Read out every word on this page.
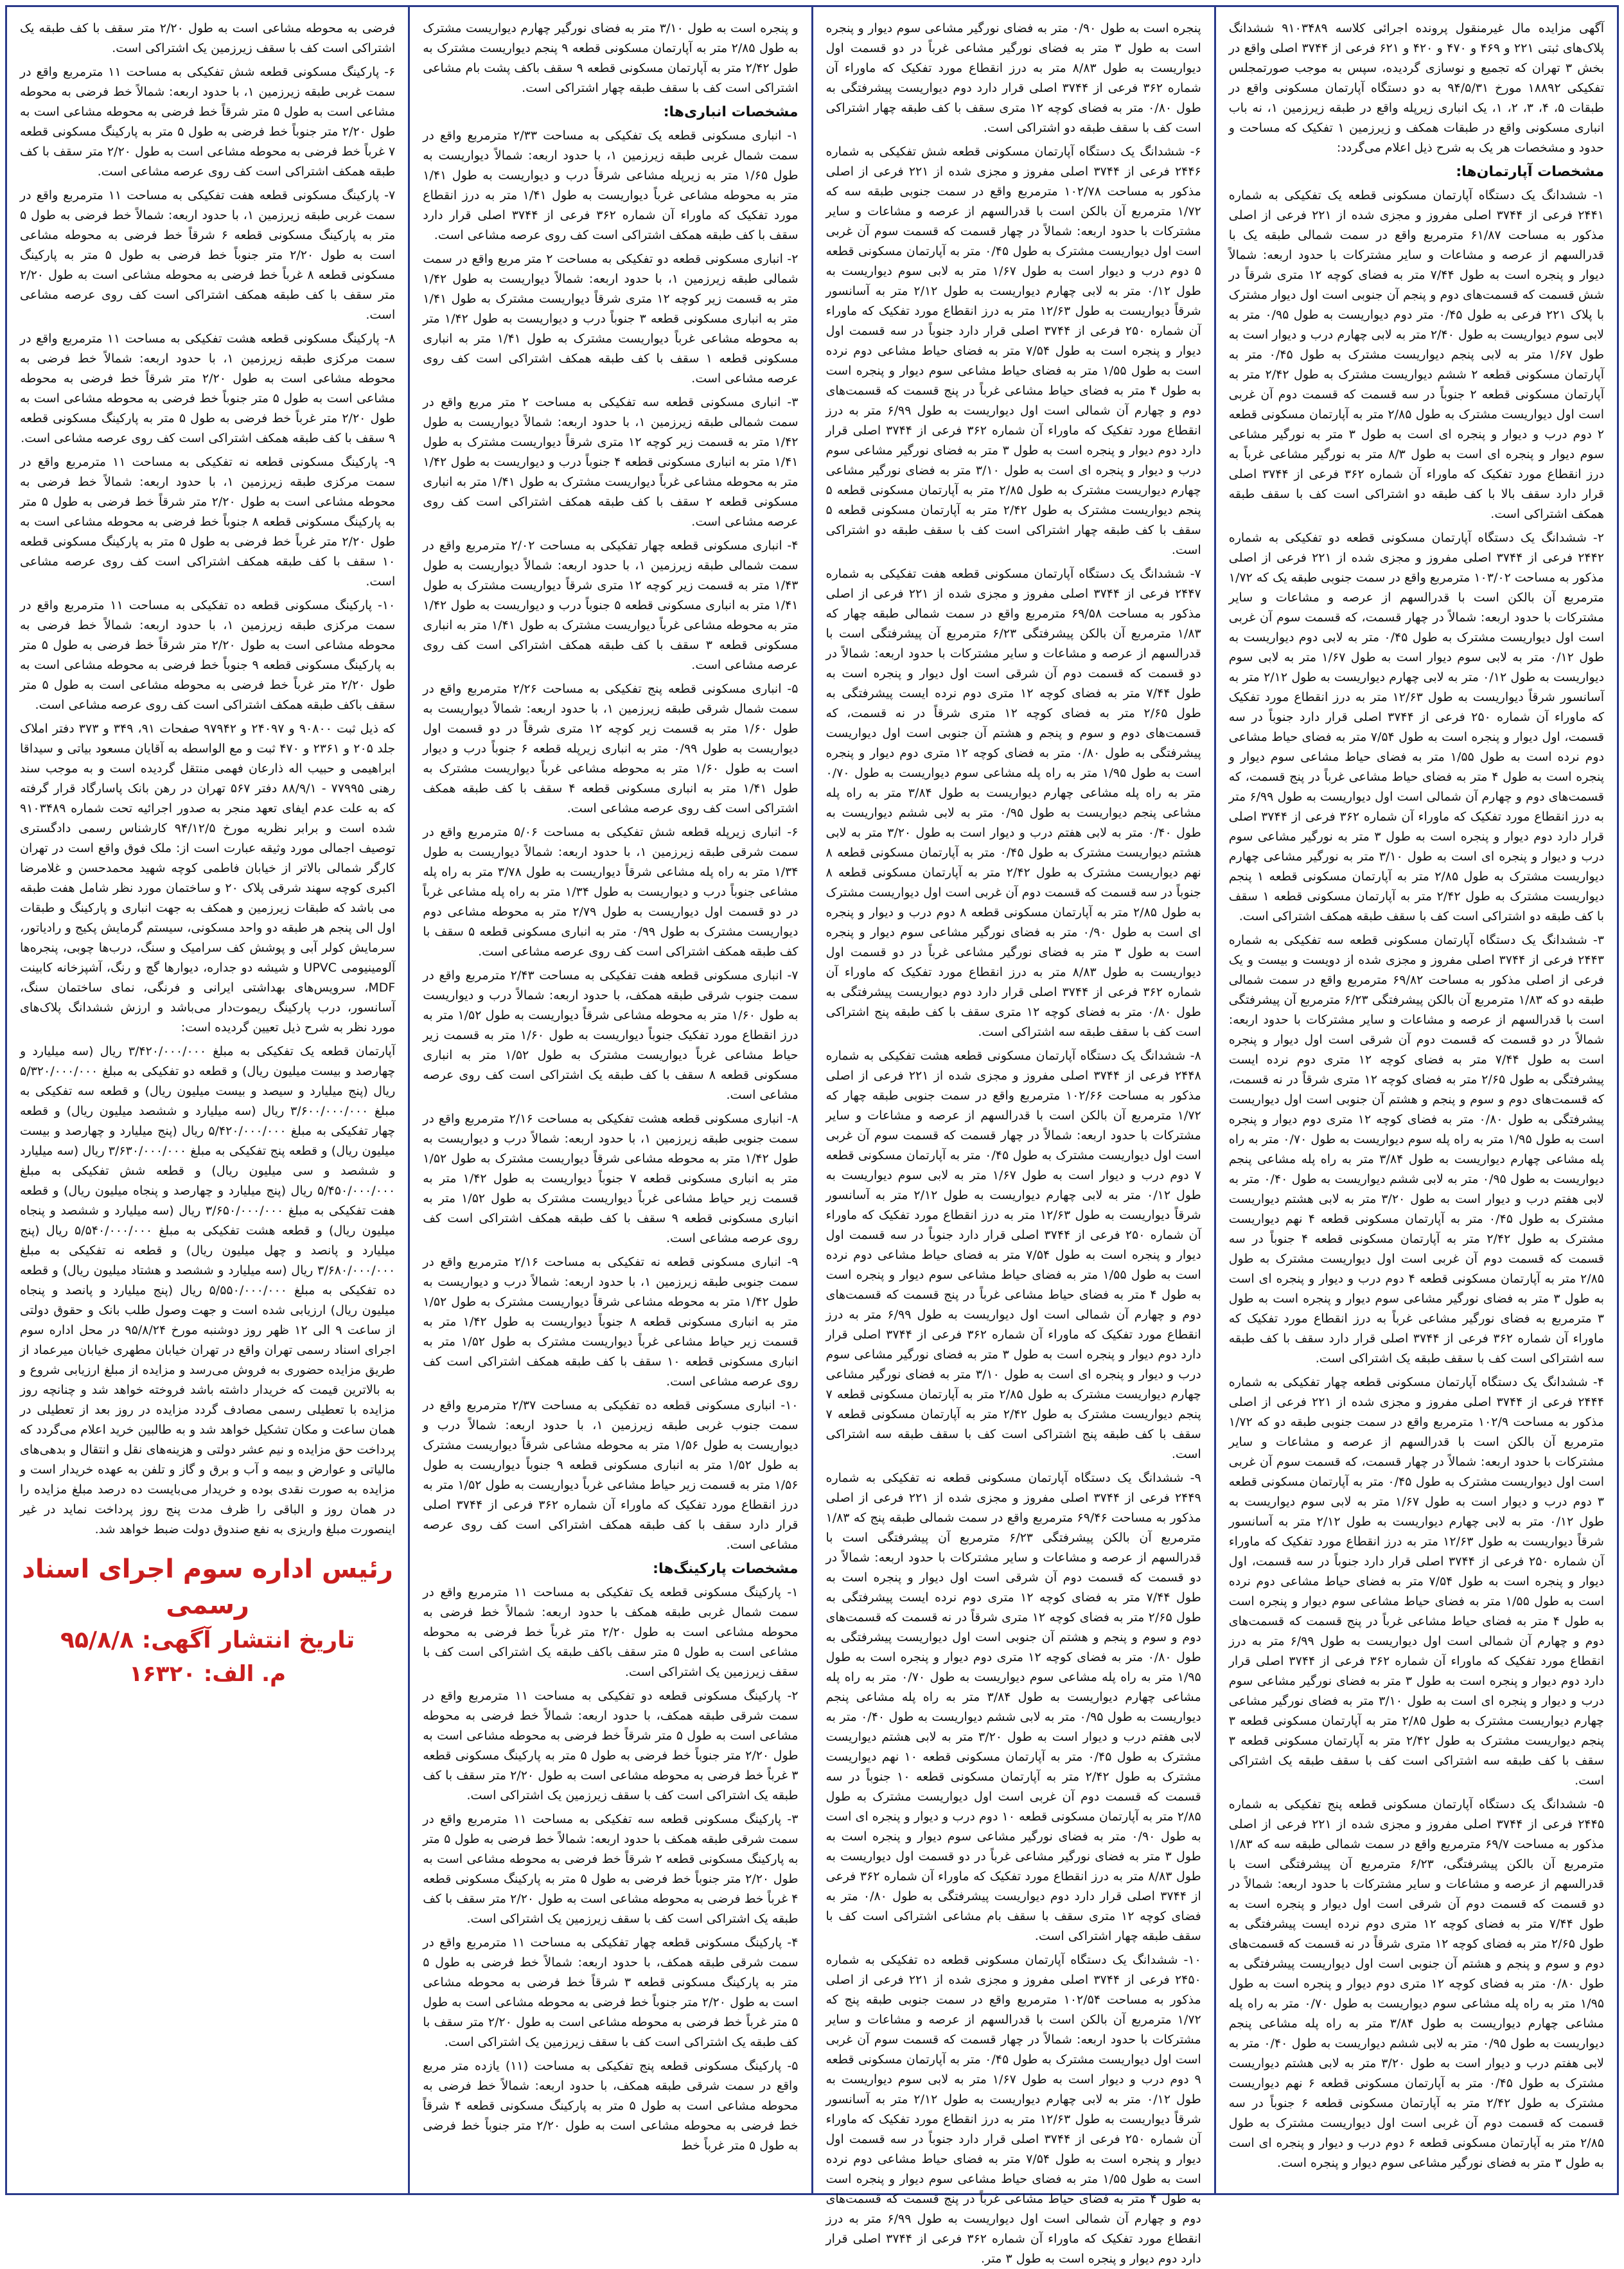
آگهی مزایده مال غیرمنقول پرونده اجرائی کلاسه ۹۱۰۳۴۸۹ ششدانگ پلاک‌های ثبتی ۲۲۱ و ۴۶۹ و ۴۷۰ و ۴۲۰ و ۶۲۱ فرعی از ۳۷۴۴ اصلی واقع در بخش ۳ تهران که تجمیع و نوسازی گردیده، سپس به موجب صورتمجلس تفکیکی ۱۸۸۹۲ مورخ ۹۴/۵/۳۱ به دو دستگاه آپارتمان مسکونی واقع در طبقات ۵، ۴، ۳، ۲، ۱، یک انباری زیرپله واقع در طبقه زیرزمین ۱، نه باب انباری مسکونی واقع در طبقات همکف و زیرزمین ۱ تفکیک که مساحت و حدود و مشخصات هر یک به شرح ذیل اعلام می‌گردد:

مشخصات آپارتمان‌ها:

۱- ششدانگ یک دستگاه آپارتمان مسکونی قطعه یک تفکیکی به شماره ۲۴۴۱ فرعی از ۳۷۴۴ اصلی مفروز و مجزی شده از ۲۲۱ فرعی از اصلی مذکور به مساحت ۶۱/۸۷ مترمربع واقع در سمت شمالی طبقه یک با قدرالسهم از عرصه و مشاعات و سایر مشترکات با حدود اربعه: شمالاً دیوار و پنجره است به طول ۷/۴۴ متر به فضای کوچه ۱۲ متری شرقاً در شش قسمت که قسمت‌های دوم و پنجم آن جنوبی است اول دیوار مشترک با پلاک ۲۲۱ فرعی به طول ۰/۴۵ متر دوم دیواریست به طول ۰/۹۵ متر به لابی سوم دیواریست به طول ۲/۴۰ متر به لابی چهارم درب و دیوار است به طول ۱/۶۷ متر به لابی پنجم دیواریست مشترک به طول ۰/۴۵ متر به آپارتمان مسکونی قطعه ۲ ششم دیواریست مشترک به طول ۲/۴۲ متر به آپارتمان مسکونی قطعه ۲ جنوباً در سه قسمت که قسمت دوم آن غربی است اول دیواریست مشترک به طول ۲/۸۵ متر به آپارتمان مسکونی قطعه ۲ دوم درب و دیوار و پنجره ای است به طول ۳ متر به نورگیر مشاعی سوم دیوار و پنجره ای است به طول ۸/۳ متر به نورگیر مشاعی غرباً به درز انقطاع مورد تفکیک که ماوراء آن شماره ۳۶۲ فرعی از ۳۷۴۴ اصلی قرار دارد سقف بالا با کف طبقه دو اشتراکی است کف با سقف طبقه همکف اشتراکی است.

۲- ششدانگ یک دستگاه آپارتمان مسکونی قطعه دو تفکیکی به شماره ۲۴۴۲ فرعی از ۳۷۴۴ اصلی مفروز و مجزی شده از ۲۲۱ فرعی از اصلی مذکور به مساحت ۱۰۳/۰۲ مترمربع واقع در سمت جنوبی طبقه یک که ۱/۷۲ مترمربع آن بالکن است با قدرالسهم از عرصه و مشاعات و سایر مشترکات با حدود اربعه: شمالاً در چهار قسمت، که قسمت سوم آن غربی است اول دیواریست مشترک به طول ۰/۴۵ متر به لابی دوم دیواریست به طول ۰/۱۲ متر به لابی سوم دیوار است به طول ۱/۶۷ متر به لابی سوم دیواریست به طول ۰/۱۲ متر به لابی چهارم دیواریست به طول ۲/۱۲ متر به آسانسور شرقاً دیواریست به طول ۱۲/۶۳ متر به درز انقطاع مورد تفکیک که ماوراء آن شماره ۲۵۰ فرعی از ۳۷۴۴ اصلی قرار دارد جنوباً در سه قسمت، اول دیوار و پنجره است به طول ۷/۵۴ متر به فضای حیاط مشاعی دوم نرده است به طول ۱/۵۵ متر به فضای حیاط مشاعی سوم دیوار و پنجره است به طول ۴ متر به فضای حیاط مشاعی غرباً در پنج قسمت، که قسمت‌های دوم و چهارم آن شمالی است اول دیواریست به طول ۶/۹۹ متر به درز انقطاع مورد تفکیک که ماوراء آن شماره ۳۶۲ فرعی از ۳۷۴۴ اصلی قرار دارد دوم دیوار و پنجره است به طول ۳ متر به نورگیر مشاعی سوم درب و دیوار و پنجره ای است به طول ۳/۱۰ متر به نورگیر مشاعی چهارم دیواریست مشترک به طول ۲/۸۵ متر به آپارتمان مسکونی قطعه ۱ پنجم دیواریست مشترک به طول ۲/۴۲ متر به آپارتمان مسکونی قطعه ۱ سقف با کف طبقه دو اشتراکی است کف با سقف طبقه همکف اشتراکی است.

۳- ششدانگ یک دستگاه آپارتمان مسکونی قطعه سه تفکیکی به شماره ۲۴۴۳ فرعی از ۳۷۴۴ اصلی مفروز و مجزی شده از دویست و بیست و یک فرعی از اصلی مذکور به مساحت ۶۹/۸۲ مترمربع واقع در سمت شمالی طبقه دو که ۱/۸۳ مترمربع آن بالکن پیشرفتگی ۶/۲۳ مترمربع آن پیشرفتگی است با قدرالسهم از عرصه و مشاعات و سایر مشترکات با حدود اربعه: شمالاً در دو قسمت که قسمت دوم آن شرقی است اول دیوار و پنجره است به طول ۷/۴۴ متر به فضای کوچه ۱۲ متری دوم نرده ایست پیشرفتگی به طول ۲/۶۵ متر به فضای کوچه ۱۲ متری شرقاً در نه قسمت، که قسمت‌های دوم و سوم و پنجم و هشتم آن جنوبی است اول دیواریست پیشرفتگی به طول ۰/۸۰ متر به فضای کوچه ۱۲ متری دوم دیوار و پنجره است به طول ۱/۹۵ متر به راه پله سوم دیواریست به طول ۰/۷۰ متر به راه پله مشاعی چهارم دیواریست به طول ۳/۸۴ متر به راه پله مشاعی پنجم دیواریست به طول ۰/۹۵ متر به لابی ششم دیواریست به طول ۰/۴۰ متر به لابی هفتم درب و دیوار است به طول ۳/۲۰ متر به لابی هشتم دیواریست مشترک به طول ۰/۴۵ متر به آپارتمان مسکونی قطعه ۴ نهم دیواریست مشترک به طول ۲/۴۲ متر به آپارتمان مسکونی قطعه ۴ جنوباً در سه قسمت که قسمت دوم آن غربی است اول دیواریست مشترک به طول ۲/۸۵ متر به آپارتمان مسکونی قطعه ۴ دوم درب و دیوار و پنجره ای است به طول ۳ متر به فضای نورگیر مشاعی سوم دیوار و پنجره است به طول ۳ مترمربع به فضای نورگیر مشاعی غرباً به درز انقطاع مورد تفکیک که ماوراء آن شماره ۳۶۲ فرعی از ۳۷۴۴ اصلی قرار دارد سقف با کف طبقه سه اشتراکی است کف با سقف طبقه یک اشتراکی است.

۴- ششدانگ یک دستگاه آپارتمان مسکونی قطعه چهار تفکیکی به شماره ۲۴۴۴ فرعی از ۳۷۴۴ اصلی مفروز و مجزی شده از ۲۲۱ فرعی از اصلی مذکور به مساحت ۱۰۲/۹ مترمربع واقع در سمت جنوبی طبقه دو که ۱/۷۲ مترمربع آن بالکن است با قدرالسهم از عرصه و مشاعات و سایر مشترکات با حدود اربعه: شمالاً در چهار قسمت، که قسمت سوم آن غربی است اول دیواریست مشترک به طول ۰/۴۵ متر به آپارتمان مسکونی قطعه ۳ دوم درب و دیوار است به طول ۱/۶۷ متر به لابی سوم دیواریست به طول ۰/۱۲ متر به لابی چهارم دیواریست به طول ۲/۱۲ متر به آسانسور شرقاً دیواریست به طول ۱۲/۶۳ متر به درز انقطاع مورد تفکیک که ماوراء آن شماره ۲۵۰ فرعی از ۳۷۴۴ اصلی قرار دارد جنوباً در سه قسمت، اول دیوار و پنجره است به طول ۷/۵۴ متر به فضای حیاط مشاعی دوم نرده است به طول ۱/۵۵ متر به فضای حیاط مشاعی سوم دیوار و پنجره است به طول ۴ متر به فضای حیاط مشاعی غرباً در پنج قسمت که قسمت‌های دوم و چهارم آن شمالی است اول دیواریست به طول ۶/۹۹ متر به درز انقطاع مورد تفکیک که ماوراء آن شماره ۳۶۲ فرعی از ۳۷۴۴ اصلی قرار دارد دوم دیوار و پنجره است به طول ۳ متر به فضای نورگیر مشاعی سوم درب و دیوار و پنجره ای است به طول ۳/۱۰ متر به فضای نورگیر مشاعی چهارم دیواریست مشترک به طول ۲/۸۵ متر به آپارتمان مسکونی قطعه ۳ پنجم دیواریست مشترک به طول ۲/۴۲ متر به آپارتمان مسکونی قطعه ۳ سقف با کف طبقه سه اشتراکی است کف با سقف طبقه یک اشتراکی است.

۵- ششدانگ یک دستگاه آپارتمان مسکونی قطعه پنج تفکیکی به شماره ۲۴۴۵ فرعی از ۳۷۴۴ اصلی مفروز و مجزی شده از ۲۲۱ فرعی از اصلی مذکور به مساحت ۶۹/۷ مترمربع واقع در سمت شمالی طبقه سه که ۱/۸۳ مترمربع آن بالکن پیشرفتگی، ۶/۲۳ مترمربع آن پیشرفتگی است با قدرالسهم از عرصه و مشاعات و سایر مشترکات با حدود اربعه: شمالاً در دو قسمت که قسمت دوم آن شرقی است اول دیوار و پنجره است به طول ۷/۴۴ متر به فضای کوچه ۱۲ متری دوم نرده ایست پیشرفتگی به طول ۲/۶۵ متر به فضای کوچه ۱۲ متری شرقاً در نه قسمت که قسمت‌های دوم و سوم و پنجم و هشتم آن جنوبی است اول دیواریست پیشرفتگی به طول ۰/۸۰ متر به فضای کوچه ۱۲ متری دوم دیوار و پنجره است به طول ۱/۹۵ متر به راه پله مشاعی سوم دیواریست به طول ۰/۷۰ متر به راه پله مشاعی چهارم دیواریست به طول ۳/۸۴ متر به راه پله مشاعی پنجم دیواریست به طول ۰/۹۵ متر به لابی ششم دیواریست به طول ۰/۴۰ متر به لابی هفتم درب و دیوار است به طول ۳/۲۰ متر به لابی هشتم دیواریست مشترک به طول ۰/۴۵ متر به آپارتمان مسکونی قطعه ۶ نهم دیواریست مشترک به طول ۲/۴۲ متر به آپارتمان مسکونی قطعه ۶ جنوباً در سه قسمت که قسمت دوم آن غربی است اول دیواریست مشترک به طول ۲/۸۵ متر به آپارتمان مسکونی قطعه ۶ دوم درب و دیوار و پنجره ای است به طول ۳ متر به فضای نورگیر مشاعی سوم دیوار و پنجره است.

پنجره است به طول ۰/۹۰ متر به فضای نورگیر مشاعی سوم دیوار و پنجره است به طول ۳ متر به فضای نورگیر مشاعی غرباً در دو قسمت اول دیواریست به طول ۸/۸۳ متر به درز انقطاع مورد تفکیک که ماوراء آن شماره ۳۶۲ فرعی از ۳۷۴۴ اصلی قرار دارد دوم دیواریست پیشرفتگی به طول ۰/۸۰ متر به فضای کوچه ۱۲ متری سقف با کف طبقه چهار اشتراکی است کف با سقف طبقه دو اشتراکی است.

۶- ششدانگ یک دستگاه آپارتمان مسکونی قطعه شش تفکیکی به شماره ۲۴۴۶ فرعی از ۳۷۴۴ اصلی مفروز و مجزی شده از ۲۲۱ فرعی از اصلی مذکور به مساحت ۱۰۲/۷۸ مترمربع واقع در سمت جنوبی طبقه سه که ۱/۷۲ مترمربع آن بالکن است با قدرالسهم از عرصه و مشاعات و سایر مشترکات با حدود اربعه: شمالاً در چهار قسمت که قسمت سوم آن غربی است اول دیواریست مشترک به طول ۰/۴۵ متر به آپارتمان مسکونی قطعه ۵ دوم درب و دیوار است به طول ۱/۶۷ متر به لابی سوم دیواریست به طول ۰/۱۲ متر به لابی چهارم دیواریست به طول ۲/۱۲ متر به آسانسور شرقاً دیواریست به طول ۱۲/۶۳ متر به درز انقطاع مورد تفکیک که ماوراء آن شماره ۲۵۰ فرعی از ۳۷۴۴ اصلی قرار دارد جنوباً در سه قسمت اول دیوار و پنجره است به طول ۷/۵۴ متر به فضای حیاط مشاعی دوم نرده است به طول ۱/۵۵ متر به فضای حیاط مشاعی سوم دیوار و پنجره است به طول ۴ متر به فضای حیاط مشاعی غرباً در پنج قسمت که قسمت‌های دوم و چهارم آن شمالی است اول دیواریست به طول ۶/۹۹ متر به درز انقطاع مورد تفکیک که ماوراء آن شماره ۳۶۲ فرعی از ۳۷۴۴ اصلی قرار دارد دوم دیوار و پنجره است به طول ۳ متر به فضای نورگیر مشاعی سوم درب و دیوار و پنجره ای است به طول ۳/۱۰ متر به فضای نورگیر مشاعی چهارم دیواریست مشترک به طول ۲/۸۵ متر به آپارتمان مسکونی قطعه ۵ پنجم دیواریست مشترک به طول ۲/۴۲ متر به آپارتمان مسکونی قطعه ۵ سقف با کف طبقه چهار اشتراکی است کف با سقف طبقه دو اشتراکی است.

۷- ششدانگ یک دستگاه آپارتمان مسکونی قطعه هفت تفکیکی به شماره ۲۴۴۷ فرعی از ۳۷۴۴ اصلی مفروز و مجزی شده از ۲۲۱ فرعی از اصلی مذکور به مساحت ۶۹/۵۸ مترمربع واقع در سمت شمالی طبقه چهار که ۱/۸۳ مترمربع آن بالکن پیشرفتگی ۶/۲۳ مترمربع آن پیشرفتگی است با قدرالسهم از عرصه و مشاعات و سایر مشترکات با حدود اربعه: شمالاً در دو قسمت که قسمت دوم آن شرقی است اول دیوار و پنجره است به طول ۷/۴۴ متر به فضای کوچه ۱۲ متری دوم نرده ایست پیشرفتگی به طول ۲/۶۵ متر به فضای کوچه ۱۲ متری شرقاً در نه قسمت، که قسمت‌های دوم و سوم و پنجم و هشتم آن جنوبی است اول دیواریست پیشرفتگی به طول ۰/۸۰ متر به فضای کوچه ۱۲ متری دوم دیوار و پنجره است به طول ۱/۹۵ متر به راه پله مشاعی سوم دیواریست به طول ۰/۷۰ متر به راه پله مشاعی چهارم دیواریست به طول ۳/۸۴ متر به راه پله مشاعی پنجم دیواریست به طول ۰/۹۵ متر به لابی ششم دیواریست به طول ۰/۴۰ متر به لابی هفتم درب و دیوار است به طول ۳/۲۰ متر به لابی هشتم دیواریست مشترک به طول ۰/۴۵ متر به آپارتمان مسکونی قطعه ۸ نهم دیواریست مشترک به طول ۲/۴۲ متر به آپارتمان مسکونی قطعه ۸ جنوباً در سه قسمت که قسمت دوم آن غربی است اول دیواریست مشترک به طول ۲/۸۵ متر به آپارتمان مسکونی قطعه ۸ دوم درب و دیوار و پنجره ای است به طول ۰/۹۰ متر به فضای نورگیر مشاعی سوم دیوار و پنجره است به طول ۳ متر به فضای نورگیر مشاعی غرباً در دو قسمت اول دیواریست به طول ۸/۸۳ متر به درز انقطاع مورد تفکیک که ماوراء آن شماره ۳۶۲ فرعی از ۳۷۴۴ اصلی قرار دارد دوم دیواریست پیشرفتگی به طول ۰/۸۰ متر به فضای کوچه ۱۲ متری سقف با کف طبقه پنج اشتراکی است کف با سقف طبقه سه اشتراکی است.

۸- ششدانگ یک دستگاه آپارتمان مسکونی قطعه هشت تفکیکی به شماره ۲۴۴۸ فرعی از ۳۷۴۴ اصلی مفروز و مجزی شده از ۲۲۱ فرعی از اصلی مذکور به مساحت ۱۰۲/۶۶ مترمربع واقع در سمت جنوبی طبقه چهار که ۱/۷۲ مترمربع آن بالکن است با قدرالسهم از عرصه و مشاعات و سایر مشترکات با حدود اربعه: شمالاً در چهار قسمت که قسمت سوم آن غربی است اول دیواریست مشترک به طول ۰/۴۵ متر به آپارتمان مسکونی قطعه ۷ دوم درب و دیوار است به طول ۱/۶۷ متر به لابی سوم دیواریست به طول ۰/۱۲ متر به لابی چهارم دیواریست به طول ۲/۱۲ متر به آسانسور شرقاً دیواریست به طول ۱۲/۶۳ متر به درز انقطاع مورد تفکیک که ماوراء آن شماره ۲۵۰ فرعی از ۳۷۴۴ اصلی قرار دارد جنوباً در سه قسمت اول دیوار و پنجره است به طول ۷/۵۴ متر به فضای حیاط مشاعی دوم نرده است به طول ۱/۵۵ متر به فضای حیاط مشاعی سوم دیوار و پنجره است به طول ۴ متر به فضای حیاط مشاعی غرباً در پنج قسمت که قسمت‌های دوم و چهارم آن شمالی است اول دیواریست به طول ۶/۹۹ متر به درز انقطاع مورد تفکیک که ماوراء آن شماره ۳۶۲ فرعی از ۳۷۴۴ اصلی قرار دارد دوم دیوار و پنجره است به طول ۳ متر به فضای نورگیر مشاعی سوم درب و دیوار و پنجره ای است به طول ۳/۱۰ متر به فضای نورگیر مشاعی چهارم دیواریست مشترک به طول ۲/۸۵ متر به آپارتمان مسکونی قطعه ۷ پنجم دیواریست مشترک به طول ۲/۴۲ متر به آپارتمان مسکونی قطعه ۷ سقف با کف طبقه پنج اشتراکی است کف با سقف طبقه سه اشتراکی است.

۹- ششدانگ یک دستگاه آپارتمان مسکونی قطعه نه تفکیکی به شماره ۲۴۴۹ فرعی از ۳۷۴۴ اصلی مفروز و مجزی شده از ۲۲۱ فرعی از اصلی مذکور به مساحت ۶۹/۴۶ مترمربع واقع در سمت شمالی طبقه پنج که ۱/۸۳ مترمربع آن بالکن پیشرفتگی ۶/۲۳ مترمربع آن پیشرفتگی است با قدرالسهم از عرصه و مشاعات و سایر مشترکات با حدود اربعه: شمالاً در دو قسمت که قسمت دوم آن شرقی است اول دیوار و پنجره است به طول ۷/۴۴ متر به فضای کوچه ۱۲ متری دوم نرده ایست پیشرفتگی به طول ۲/۶۵ متر به فضای کوچه ۱۲ متری شرقاً در نه قسمت که قسمت‌های دوم و سوم و پنجم و هشتم آن جنوبی است اول دیواریست پیشرفتگی به طول ۰/۸۰ متر به فضای کوچه ۱۲ متری دوم دیوار و پنجره است به طول ۱/۹۵ متر به راه پله مشاعی سوم دیواریست به طول ۰/۷۰ متر به راه پله مشاعی چهارم دیواریست به طول ۳/۸۴ متر به راه پله مشاعی پنجم دیواریست به طول ۰/۹۵ متر به لابی ششم دیواریست به طول ۰/۴۰ متر به لابی هفتم درب و دیوار است به طول ۳/۲۰ متر به لابی هشتم دیواریست مشترک به طول ۰/۴۵ متر به آپارتمان مسکونی قطعه ۱۰ نهم دیواریست مشترک به طول ۲/۴۲ متر به آپارتمان مسکونی قطعه ۱۰ جنوباً در سه قسمت که قسمت دوم آن غربی است اول دیواریست مشترک به طول ۲/۸۵ متر به آپارتمان مسکونی قطعه ۱۰ دوم درب و دیوار و پنجره ای است به طول ۰/۹۰ متر به فضای نورگیر مشاعی سوم دیوار و پنجره است به طول ۳ متر به فضای نورگیر مشاعی غرباً در دو قسمت اول دیواریست به طول ۸/۸۳ متر به درز انقطاع مورد تفکیک که ماوراء آن شماره ۳۶۲ فرعی از ۳۷۴۴ اصلی قرار دارد دوم دیواریست پیشرفتگی به طول ۰/۸۰ متر به فضای کوچه ۱۲ متری سقف با سقف بام مشاعی اشتراکی است کف با سقف طبقه چهار اشتراکی است.

۱۰- ششدانگ یک دستگاه آپارتمان مسکونی قطعه ده تفکیکی به شماره ۲۴۵۰ فرعی از ۳۷۴۴ اصلی مفروز و مجزی شده از ۲۲۱ فرعی از اصلی مذکور به مساحت ۱۰۲/۵۴ مترمربع واقع در سمت جنوبی طبقه پنج که ۱/۷۲ مترمربع آن بالکن است با قدرالسهم از عرصه و مشاعات و سایر مشترکات با حدود اربعه: شمالاً در چهار قسمت که قسمت سوم آن غربی است اول دیواریست مشترک به طول ۰/۴۵ متر به آپارتمان مسکونی قطعه ۹ دوم درب و دیوار است به طول ۱/۶۷ متر به لابی سوم دیواریست به طول ۰/۱۲ متر به لابی چهارم دیواریست به طول ۲/۱۲ متر به آسانسور شرقاً دیواریست به طول ۱۲/۶۳ متر به درز انقطاع مورد تفکیک که ماوراء آن شماره ۲۵۰ فرعی از ۳۷۴۴ اصلی قرار دارد جنوباً در سه قسمت اول دیوار و پنجره است به طول ۷/۵۴ متر به فضای حیاط مشاعی دوم نرده است به طول ۱/۵۵ متر به فضای حیاط مشاعی سوم دیوار و پنجره است به طول ۴ متر به فضای حیاط مشاعی غرباً در پنج قسمت که قسمت‌های دوم و چهارم آن شمالی است اول دیواریست به طول ۶/۹۹ متر به درز انقطاع مورد تفکیک که ماوراء آن شماره ۳۶۲ فرعی از ۳۷۴۴ اصلی قرار دارد دوم دیوار و پنجره است به طول ۳ متر.

و پنجره است به طول ۳/۱۰ متر به فضای نورگیر چهارم دیواریست مشترک به طول ۲/۸۵ متر به آپارتمان مسکونی قطعه ۹ پنجم دیواریست مشترک به طول ۲/۴۲ متر به آپارتمان مسکونی قطعه ۹ سقف باکف پشت بام مشاعی اشتراکی است کف با سقف طبقه چهار اشتراکی است.

مشخصات انباری‌ها:

۱- انباری مسکونی قطعه یک تفکیکی به مساحت ۲/۳۳ مترمربع واقع در سمت شمال غربی طبقه زیرزمین ۱، با حدود اربعه: شمالاً دیواریست به طول ۱/۶۵ متر به زیرپله مشاعی شرقاً درب و دیواریست به طول ۱/۴۱ متر به محوطه مشاعی غرباً دیواریست به طول ۱/۴۱ متر به درز انقطاع مورد تفکیک که ماوراء آن شماره ۳۶۲ فرعی از ۳۷۴۴ اصلی قرار دارد سقف با کف طبقه همکف اشتراکی است کف روی عرصه مشاعی است.

۲- انباری مسکونی قطعه دو تفکیکی به مساحت ۲ متر مربع واقع در سمت شمالی طبقه زیرزمین ۱، با حدود اربعه: شمالاً دیواریست به طول ۱/۴۲ متر به قسمت زیر کوچه ۱۲ متری شرقاً دیواریست مشترک به طول ۱/۴۱ متر به انباری مسکونی قطعه ۳ جنوباً درب و دیواریست به طول ۱/۴۲ متر به محوطه مشاعی غرباً دیواریست مشترک به طول ۱/۴۱ متر به انباری مسکونی قطعه ۱ سقف با کف طبقه همکف اشتراکی است کف روی عرصه مشاعی است.

۳- انباری مسکونی قطعه سه تفکیکی به مساحت ۲ متر مربع واقع در سمت شمالی طبقه زیرزمین ۱، با حدود اربعه: شمالاً دیواریست به طول ۱/۴۲ متر به قسمت زیر کوچه ۱۲ متری شرقاً دیواریست مشترک به طول ۱/۴۱ متر به انباری مسکونی قطعه ۴ جنوباً درب و دیواریست به طول ۱/۴۲ متر به محوطه مشاعی غرباً دیواریست مشترک به طول ۱/۴۱ متر به انباری مسکونی قطعه ۲ سقف با کف طبقه همکف اشتراکی است کف روی عرصه مشاعی است.

۴- انباری مسکونی قطعه چهار تفکیکی به مساحت ۲/۰۲ مترمربع واقع در سمت شمالی طبقه زیرزمین ۱، با حدود اربعه: شمالاً دیواریست به طول ۱/۴۳ متر به قسمت زیر کوچه ۱۲ متری شرقاً دیواریست مشترک به طول ۱/۴۱ متر به انباری مسکونی قطعه ۵ جنوباً درب و دیواریست به طول ۱/۴۲ متر به محوطه مشاعی غرباً دیواریست مشترک به طول ۱/۴۱ متر به انباری مسکونی قطعه ۳ سقف با کف طبقه همکف اشتراکی است کف روی عرصه مشاعی است.

۵- انباری مسکونی قطعه پنج تفکیکی به مساحت ۲/۲۶ مترمربع واقع در سمت شمال شرقی طبقه زیرزمین ۱، با حدود اربعه: شمالاً دیواریست به طول ۱/۶۰ متر به قسمت زیر کوچه ۱۲ متری شرقاً در دو قسمت اول دیواریست به طول ۰/۹۹ متر به انباری زیرپله قطعه ۶ جنوباً درب و دیوار است به طول ۱/۶۰ متر به محوطه مشاعی غرباً دیواریست مشترک به طول ۱/۴۱ متر به انباری مسکونی قطعه ۴ سقف با کف طبقه همکف اشتراکی است کف روی عرصه مشاعی است.

۶- انباری زیرپله قطعه شش تفکیکی به مساحت ۵/۰۶ مترمربع واقع در سمت شرقی طبقه زیرزمین ۱، با حدود اربعه: شمالاً دیواریست به طول ۱/۳۴ متر به راه پله مشاعی شرقاً دیواریست به طول ۳/۷۸ متر به راه پله مشاعی جنوباً درب و دیواریست به طول ۱/۳۴ متر به راه پله مشاعی غرباً در دو قسمت اول دیواریست به طول ۲/۷۹ متر به محوطه مشاعی دوم دیواریست مشترک به طول ۰/۹۹ متر به انباری مسکونی قطعه ۵ سقف با کف طبقه همکف اشتراکی است کف روی عرصه مشاعی است.

۷- انباری مسکونی قطعه هفت تفکیکی به مساحت ۲/۴۳ مترمربع واقع در سمت جنوب شرقی طبقه همکف، با حدود اربعه: شمالاً درب و دیواریست به طول ۱/۶۰ متر به محوطه مشاعی شرقاً دیواریست به طول ۱/۵۲ متر به درز انقطاع مورد تفکیک جنوباً دیواریست به طول ۱/۶۰ متر به قسمت زیر حیاط مشاعی غرباً دیواریست مشترک به طول ۱/۵۲ متر به انباری مسکونی قطعه ۸ سقف با کف طبقه یک اشتراکی است کف روی عرصه مشاعی است.

۸- انباری مسکونی قطعه هشت تفکیکی به مساحت ۲/۱۶ مترمربع واقع در سمت جنوبی طبقه زیرزمین ۱، با حدود اربعه: شمالاً درب و دیواریست به طول ۱/۴۲ متر به محوطه مشاعی شرقاً دیواریست مشترک به طول ۱/۵۲ متر به انباری مسکونی قطعه ۷ جنوباً دیواریست به طول ۱/۴۲ متر به قسمت زیر حیاط مشاعی غرباً دیواریست مشترک به طول ۱/۵۲ متر به انباری مسکونی قطعه ۹ سقف با کف طبقه همکف اشتراکی است کف روی عرصه مشاعی است.

۹- انباری مسکونی قطعه نه تفکیکی به مساحت ۲/۱۶ مترمربع واقع در سمت جنوبی طبقه زیرزمین ۱، با حدود اربعه: شمالاً درب و دیواریست به طول ۱/۴۲ متر به محوطه مشاعی شرقاً دیواریست مشترک به طول ۱/۵۲ متر به انباری مسکونی قطعه ۸ جنوباً دیواریست به طول ۱/۴۲ متر به قسمت زیر حیاط مشاعی غرباً دیواریست مشترک به طول ۱/۵۲ متر به انباری مسکونی قطعه ۱۰ سقف با کف طبقه همکف اشتراکی است کف روی عرصه مشاعی است.

۱۰- انباری مسکونی قطعه ده تفکیکی به مساحت ۲/۳۷ مترمربع واقع در سمت جنوب غربی طبقه زیرزمین ۱، با حدود اربعه: شمالاً درب و دیواریست به طول ۱/۵۶ متر به محوطه مشاعی شرقاً دیواریست مشترک به طول ۱/۵۲ متر به انباری مسکونی قطعه ۹ جنوباً دیواریست به طول ۱/۵۶ متر به قسمت زیر حیاط مشاعی غرباً دیواریست به طول ۱/۵۲ متر به درز انقطاع مورد تفکیک که ماوراء آن شماره ۳۶۲ فرعی از ۳۷۴۴ اصلی قرار دارد سقف با کف طبقه همکف اشتراکی است کف روی عرصه مشاعی است.

مشخصات پارکینگ‌ها:

۱- پارکینگ مسکونی قطعه یک تفکیکی به مساحت ۱۱ مترمربع واقع در سمت شمال غربی طبقه همکف با حدود اربعه: شمالاً خط فرضی به محوطه مشاعی است به طول ۲/۲۰ متر غرباً خط فرضی به محوطه مشاعی است به طول ۵ متر سقف باکف طبقه یک اشتراکی است کف با سقف زیرزمین یک اشتراکی است.

۲- پارکینگ مسکونی قطعه دو تفکیکی به مساحت ۱۱ مترمربع واقع در سمت شرقی طبقه همکف، با حدود اربعه: شمالاً خط فرضی به محوطه مشاعی است به طول ۵ متر شرقاً خط فرضی به محوطه مشاعی است به طول ۲/۲۰ متر جنوباً خط فرضی به طول ۵ متر به پارکینگ مسکونی قطعه ۳ غرباً خط فرضی به محوطه مشاعی است به طول ۲/۲۰ متر سقف با کف طبقه یک اشتراکی است کف با سقف زیرزمین یک اشتراکی است.

۳- پارکینگ مسکونی قطعه سه تفکیکی به مساحت ۱۱ مترمربع واقع در سمت شرقی طبقه همکف با حدود اربعه: شمالاً خط فرضی به طول ۵ متر به پارکینگ مسکونی قطعه ۲ شرقاً خط فرضی به محوطه مشاعی است به طول ۲/۲۰ متر جنوباً خط فرضی به طول ۵ متر به پارکینگ مسکونی قطعه ۴ غرباً خط فرضی به محوطه مشاعی است به طول ۲/۲۰ متر سقف با کف طبقه یک اشتراکی است کف با سقف زیرزمین یک اشتراکی است.

۴- پارکینگ مسکونی قطعه چهار تفکیکی به مساحت ۱۱ مترمربع واقع در سمت شرقی طبقه همکف، با حدود اربعه: شمالاً خط فرضی به طول ۵ متر به پارکینگ مسکونی قطعه ۳ شرقاً خط فرضی به محوطه مشاعی است به طول ۲/۲۰ متر جنوباً خط فرضی به محوطه مشاعی است به طول ۵ متر غرباً خط فرضی به محوطه مشاعی است به طول ۲/۲۰ متر سقف با کف طبقه یک اشتراکی است کف با سقف زیرزمین یک اشتراکی است.

۵- پارکینگ مسکونی قطعه پنج تفکیکی به مساحت (۱۱) یازده متر مربع واقع در سمت شرقی طبقه همکف، با حدود اربعه: شمالاً خط فرضی به محوطه مشاعی است به طول ۵ متر به پارکینگ مسکونی قطعه ۴ شرقاً خط فرضی به محوطه مشاعی است به طول ۲/۲۰ متر جنوباً خط فرضی به طول ۵ متر غرباً خط

فرضی به محوطه مشاعی است به طول ۲/۲۰ متر سقف با کف طبقه یک اشتراکی است کف با سقف زیرزمین یک اشتراکی است.

۶- پارکینگ مسکونی قطعه شش تفکیکی به مساحت ۱۱ مترمربع واقع در سمت غربی طبقه زیرزمین ۱، با حدود اربعه: شمالاً خط فرضی به محوطه مشاعی است به طول ۵ متر شرقاً خط فرضی به محوطه مشاعی است به طول ۲/۲۰ متر جنوباً خط فرضی به طول ۵ متر به پارکینگ مسکونی قطعه ۷ غرباً خط فرضی به محوطه مشاعی است به طول ۲/۲۰ متر سقف با کف طبقه همکف اشتراکی است کف روی عرصه مشاعی است.

۷- پارکینگ مسکونی قطعه هفت تفکیکی به مساحت ۱۱ مترمربع واقع در سمت غربی طبقه زیرزمین ۱، با حدود اربعه: شمالاً خط فرضی به طول ۵ متر به پارکینگ مسکونی قطعه ۶ شرقاً خط فرضی به محوطه مشاعی است به طول ۲/۲۰ متر جنوباً خط فرضی به طول ۵ متر به پارکینگ مسکونی قطعه ۸ غرباً خط فرضی به محوطه مشاعی است به طول ۲/۲۰ متر سقف با کف طبقه همکف اشتراکی است کف روی عرصه مشاعی است.

۸- پارکینگ مسکونی قطعه هشت تفکیکی به مساحت ۱۱ مترمربع واقع در سمت مرکزی طبقه زیرزمین ۱، با حدود اربعه: شمالاً خط فرضی به محوطه مشاعی است به طول ۲/۲۰ متر شرقاً خط فرضی به محوطه مشاعی است به طول ۵ متر جنوباً خط فرضی به محوطه مشاعی است به طول ۲/۲۰ متر غرباً خط فرضی به طول ۵ متر به پارکینگ مسکونی قطعه ۹ سقف با کف طبقه همکف اشتراکی است کف روی عرصه مشاعی است.

۹- پارکینگ مسکونی قطعه نه تفکیکی به مساحت ۱۱ مترمربع واقع در سمت مرکزی طبقه زیرزمین ۱، با حدود اربعه: شمالاً خط فرضی به محوطه مشاعی است به طول ۲/۲۰ متر شرقاً خط فرضی به طول ۵ متر به پارکینگ مسکونی قطعه ۸ جنوباً خط فرضی به محوطه مشاعی است به طول ۲/۲۰ متر غرباً خط فرضی به طول ۵ متر به پارکینگ مسکونی قطعه ۱۰ سقف با کف طبقه همکف اشتراکی است کف روی عرصه مشاعی است.

۱۰- پارکینگ مسکونی قطعه ده تفکیکی به مساحت ۱۱ مترمربع واقع در سمت مرکزی طبقه زیرزمین ۱، با حدود اربعه: شمالاً خط فرضی به محوطه مشاعی است به طول ۲/۲۰ متر شرقاً خط فرضی به طول ۵ متر به پارکینگ مسکونی قطعه ۹ جنوباً خط فرضی به محوطه مشاعی است به طول ۲/۲۰ متر غرباً خط فرضی به محوطه مشاعی است به طول ۵ متر سقف باکف طبقه همکف اشتراکی است کف روی عرصه مشاعی است.

که ذیل ثبت ۹۰۸۰۰ و ۲۴۰۹۷ و ۹۷۹۴۲ صفحات ۹۱، ۳۴۹ و ۳۷۳ دفتر املاک جلد ۲۰۵ و ۲۳۶۱ و ۴۷۰ ثبت و مع الواسطه به آقایان مسعود بیاتی و سیداقا ابراهیمی و حبیب اله ذارعان فهمی منتقل گردیده است و به موجب سند رهنی ۷۷۹۹۵ - ۸۸/۹/۱ دفتر ۵۶۷ تهران در رهن بانک پاسارگاد قرار گرفته که به علت عدم ایفای تعهد منجر به صدور اجرائیه تحت شماره ۹۱۰۳۴۸۹ شده است و برابر نظریه مورخ ۹۴/۱۲/۵ کارشناس رسمی دادگستری توصیف اجمالی مورد وثیقه عبارت است از: ملک فوق واقع است در تهران کارگر شمالی بالاتر از خیابان فاطمی کوچه شهید محمدحسن و غلامرضا اکبری کوچه سهند شرقی پلاک ۲۰ و ساختمان مورد نظر شامل هفت طبقه می باشد که طبقات زیرزمین و همکف به جهت انباری و پارکینگ و طبقات اول الی پنجم هر طبقه دو واحد مسکونی، سیستم گرمایش پکیج و رادیاتور، سرمایش کولر آبی و پوشش کف سرامیک و سنگ، درب‌ها چوبی، پنجره‌ها آلومینیومی UPVC و شیشه دو جداره، دیوارها گچ و رنگ، آشپزخانه کابینت MDF، سرویس‌های بهداشتی ایرانی و فرنگی، نمای ساختمان سنگ، آسانسور، درب پارکینگ ریموت‌دار می‌باشد و ارزش ششدانگ پلاک‌های مورد نظر به شرح ذیل تعیین گردیده است:

آپارتمان قطعه یک تفکیکی به مبلغ ۳/۴۲۰/۰۰۰/۰۰۰ ریال (سه میلیارد و چهارصد و بیست میلیون ریال) و قطعه دو تفکیکی به مبلغ ۵/۳۲۰/۰۰۰/۰۰۰ ریال (پنج میلیارد و سیصد و بیست میلیون ریال) و قطعه سه تفکیکی به مبلغ ۳/۶۰۰/۰۰۰/۰۰۰ ریال (سه میلیارد و ششصد میلیون ریال) و قطعه چهار تفکیکی به مبلغ ۵/۴۲۰/۰۰۰/۰۰۰ ریال (پنج میلیارد و چهارصد و بیست میلیون ریال) و قطعه پنج تفکیکی به مبلغ ۳/۶۳۰/۰۰۰/۰۰۰ ریال (سه میلیارد و ششصد و سی میلیون ریال) و قطعه شش تفکیکی به مبلغ ۵/۴۵۰/۰۰۰/۰۰۰ ریال (پنج میلیارد و چهارصد و پنجاه میلیون ریال) و قطعه هفت تفکیکی به مبلغ ۳/۶۵۰/۰۰۰/۰۰۰ ریال (سه میلیارد و ششصد و پنجاه میلیون ریال) و قطعه هشت تفکیکی به مبلغ ۵/۵۴۰/۰۰۰/۰۰۰ ریال (پنج میلیارد و پانصد و چهل میلیون ریال) و قطعه نه تفکیکی به مبلغ ۳/۶۸۰/۰۰۰/۰۰۰ ریال (سه میلیارد و ششصد و هشتاد میلیون ریال) و قطعه ده تفکیکی به مبلغ ۵/۵۵۰/۰۰۰/۰۰۰ ریال (پنج میلیارد و پانصد و پنجاه میلیون ریال) ارزیابی شده است و جهت وصول طلب بانک و حقوق دولتی از ساعت ۹ الی ۱۲ ظهر روز دوشنبه مورخ ۹۵/۸/۲۴ در محل اداره سوم اجرای اسناد رسمی تهران واقع در تهران خیابان مطهری خیابان میرعماد از طریق مزایده حضوری به فروش می‌رسد و مزایده از مبلغ ارزیابی شروع و به بالاترین قیمت که خریدار داشته باشد فروخته خواهد شد و چنانچه روز مزایده با تعطیلی رسمی مصادف گردد مزایده در روز بعد از تعطیلی در همان ساعت و مکان تشکیل خواهد شد و به طالبین خرید اعلام می‌گردد که پرداخت حق مزایده و نیم عشر دولتی و هزینه‌های نقل و انتقال و بدهی‌های مالیاتی و عوارض و بیمه و آب و برق و گاز و تلفن به عهده خریدار است و مزایده به صورت نقدی بوده و خریدار می‌بایست ده درصد مبلغ مزایده را در همان روز و الباقی را ظرف مدت پنج روز پرداخت نماید در غیر اینصورت مبلغ واریزی به نفع صندوق دولت ضبط خواهد شد.

رئیس اداره سوم اجرای اسناد رسمی
تاریخ انتشار آگهی: ۹۵/۸/۸
م. الف: ۱۶۳۲۰
